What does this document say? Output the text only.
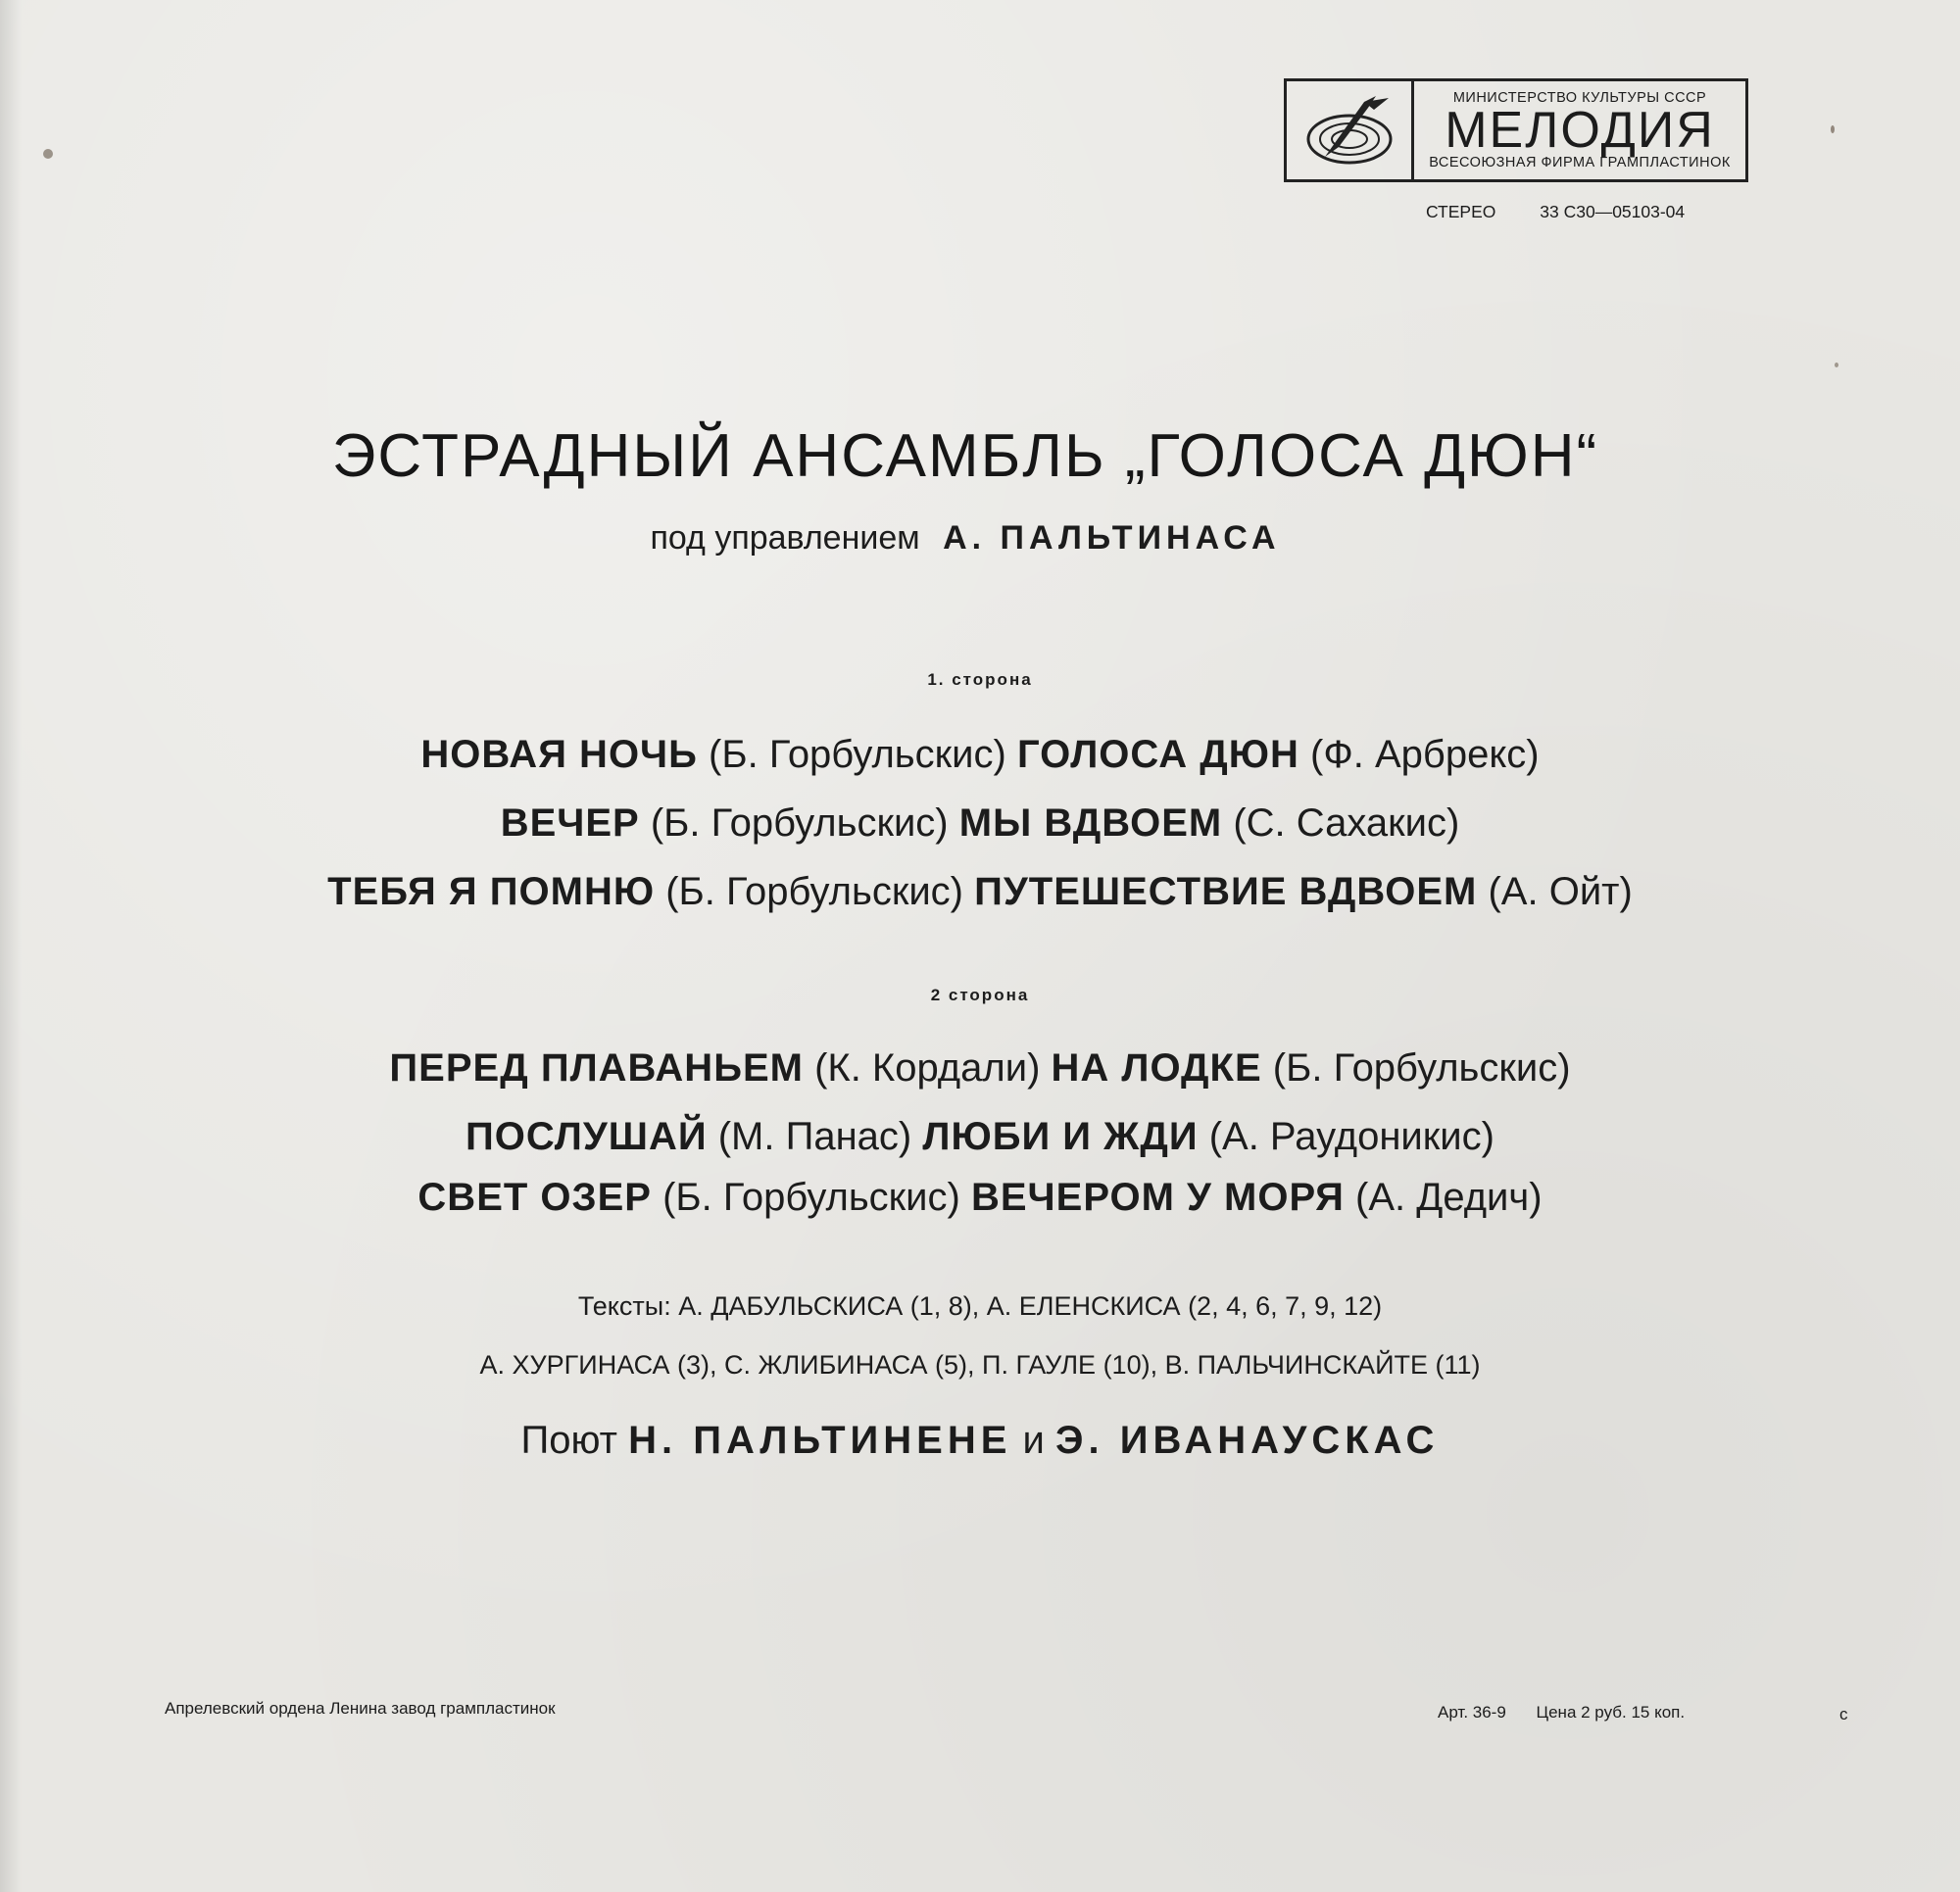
МИНИСТЕРСТВО КУЛЬТУРЫ СССР
МЕЛОДИЯ
ВСЕСОЮЗНАЯ ФИРМА ГРАМПЛАСТИНОК
СТЕРЕО	33 С30—05103-04
ЭСТРАДНЫЙ АНСАМБЛЬ „ГОЛОСА ДЮН“
под управлением А. ПАЛЬТИНАСА
1. сторона
НОВАЯ НОЧЬ (Б. Горбульскис) ГОЛОСА ДЮН (Ф. Арбрекс)
ВЕЧЕР (Б. Горбульскис) МЫ ВДВОЕМ (С. Сахакис)
ТЕБЯ Я ПОМНЮ (Б. Горбульскис) ПУТЕШЕСТВИЕ ВДВОЕМ (А. Ойт)
2 сторона
ПЕРЕД ПЛАВАНЬЕМ (К. Кордали) НА ЛОДКЕ (Б. Горбульскис)
ПОСЛУШАЙ (М. Панас) ЛЮБИ И ЖДИ (А. Раудоникис)
СВЕТ ОЗЕР (Б. Горбульскис) ВЕЧЕРОМ У МОРЯ (А. Дедич)
Тексты: А. ДАБУЛЬСКИСА (1, 8), А. ЕЛЕНСКИСА (2, 4, 6, 7, 9, 12)
А. ХУРГИНАСА (3), С. ЖЛИБИНАСА (5), П. ГАУЛЕ (10), В. ПАЛЬЧИНСКАЙТЕ (11)
Поют Н. ПАЛЬТИНЕНЕ и Э. ИВАНАУСКАС
Апрелевский ордена Ленина завод грампластинок	Арт. 36-9 Цена 2 руб. 15 коп.	с
